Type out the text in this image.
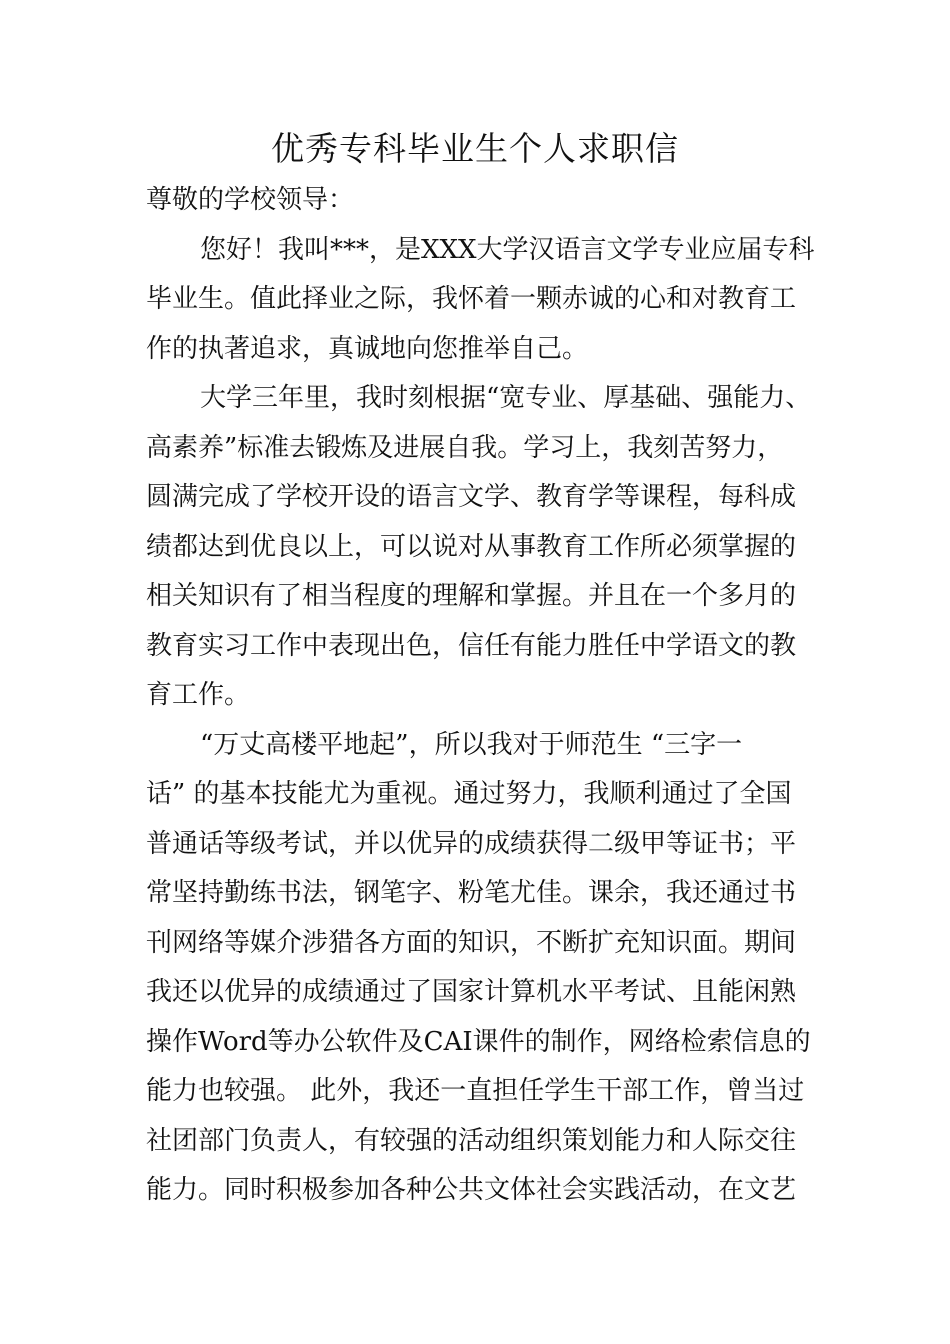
优秀专科毕业生个人求职信
尊敬的学校领导：
您好！我叫***，是XXX大学汉语言文学专业应届专科
毕业生。值此择业之际，我怀着一颗赤诚的心和对教育工
作的执著追求，真诚地向您推举自己。
大学三年里，我时刻根据“宽专业、厚基础、强能力、
高素养”标准去锻炼及进展自我。学习上，我刻苦努力，
圆满完成了学校开设的语言文学、教育学等课程，每科成
绩都达到优良以上，可以说对从事教育工作所必须掌握的
相关知识有了相当程度的理解和掌握。并且在一个多月的
教育实习工作中表现出色，信任有能力胜任中学语文的教
育工作。
“万丈高楼平地起”，所以我对于师范生 “三字一
话” 的基本技能尤为重视。通过努力，我顺利通过了全国
普通话等级考试，并以优异的成绩获得二级甲等证书；平
常坚持勤练书法，钢笔字、粉笔尤佳。课余，我还通过书
刊网络等媒介涉猎各方面的知识，不断扩充知识面。期间
我还以优异的成绩通过了国家计算机水平考试、且能闲熟
操作Word等办公软件及CAI课件的制作，网络检索信息的
能力也较强。 此外，我还一直担任学生干部工作，曾当过
社团部门负责人，有较强的活动组织策划能力和人际交往
能力。同时积极参加各种公共文体社会实践活动，在文艺
